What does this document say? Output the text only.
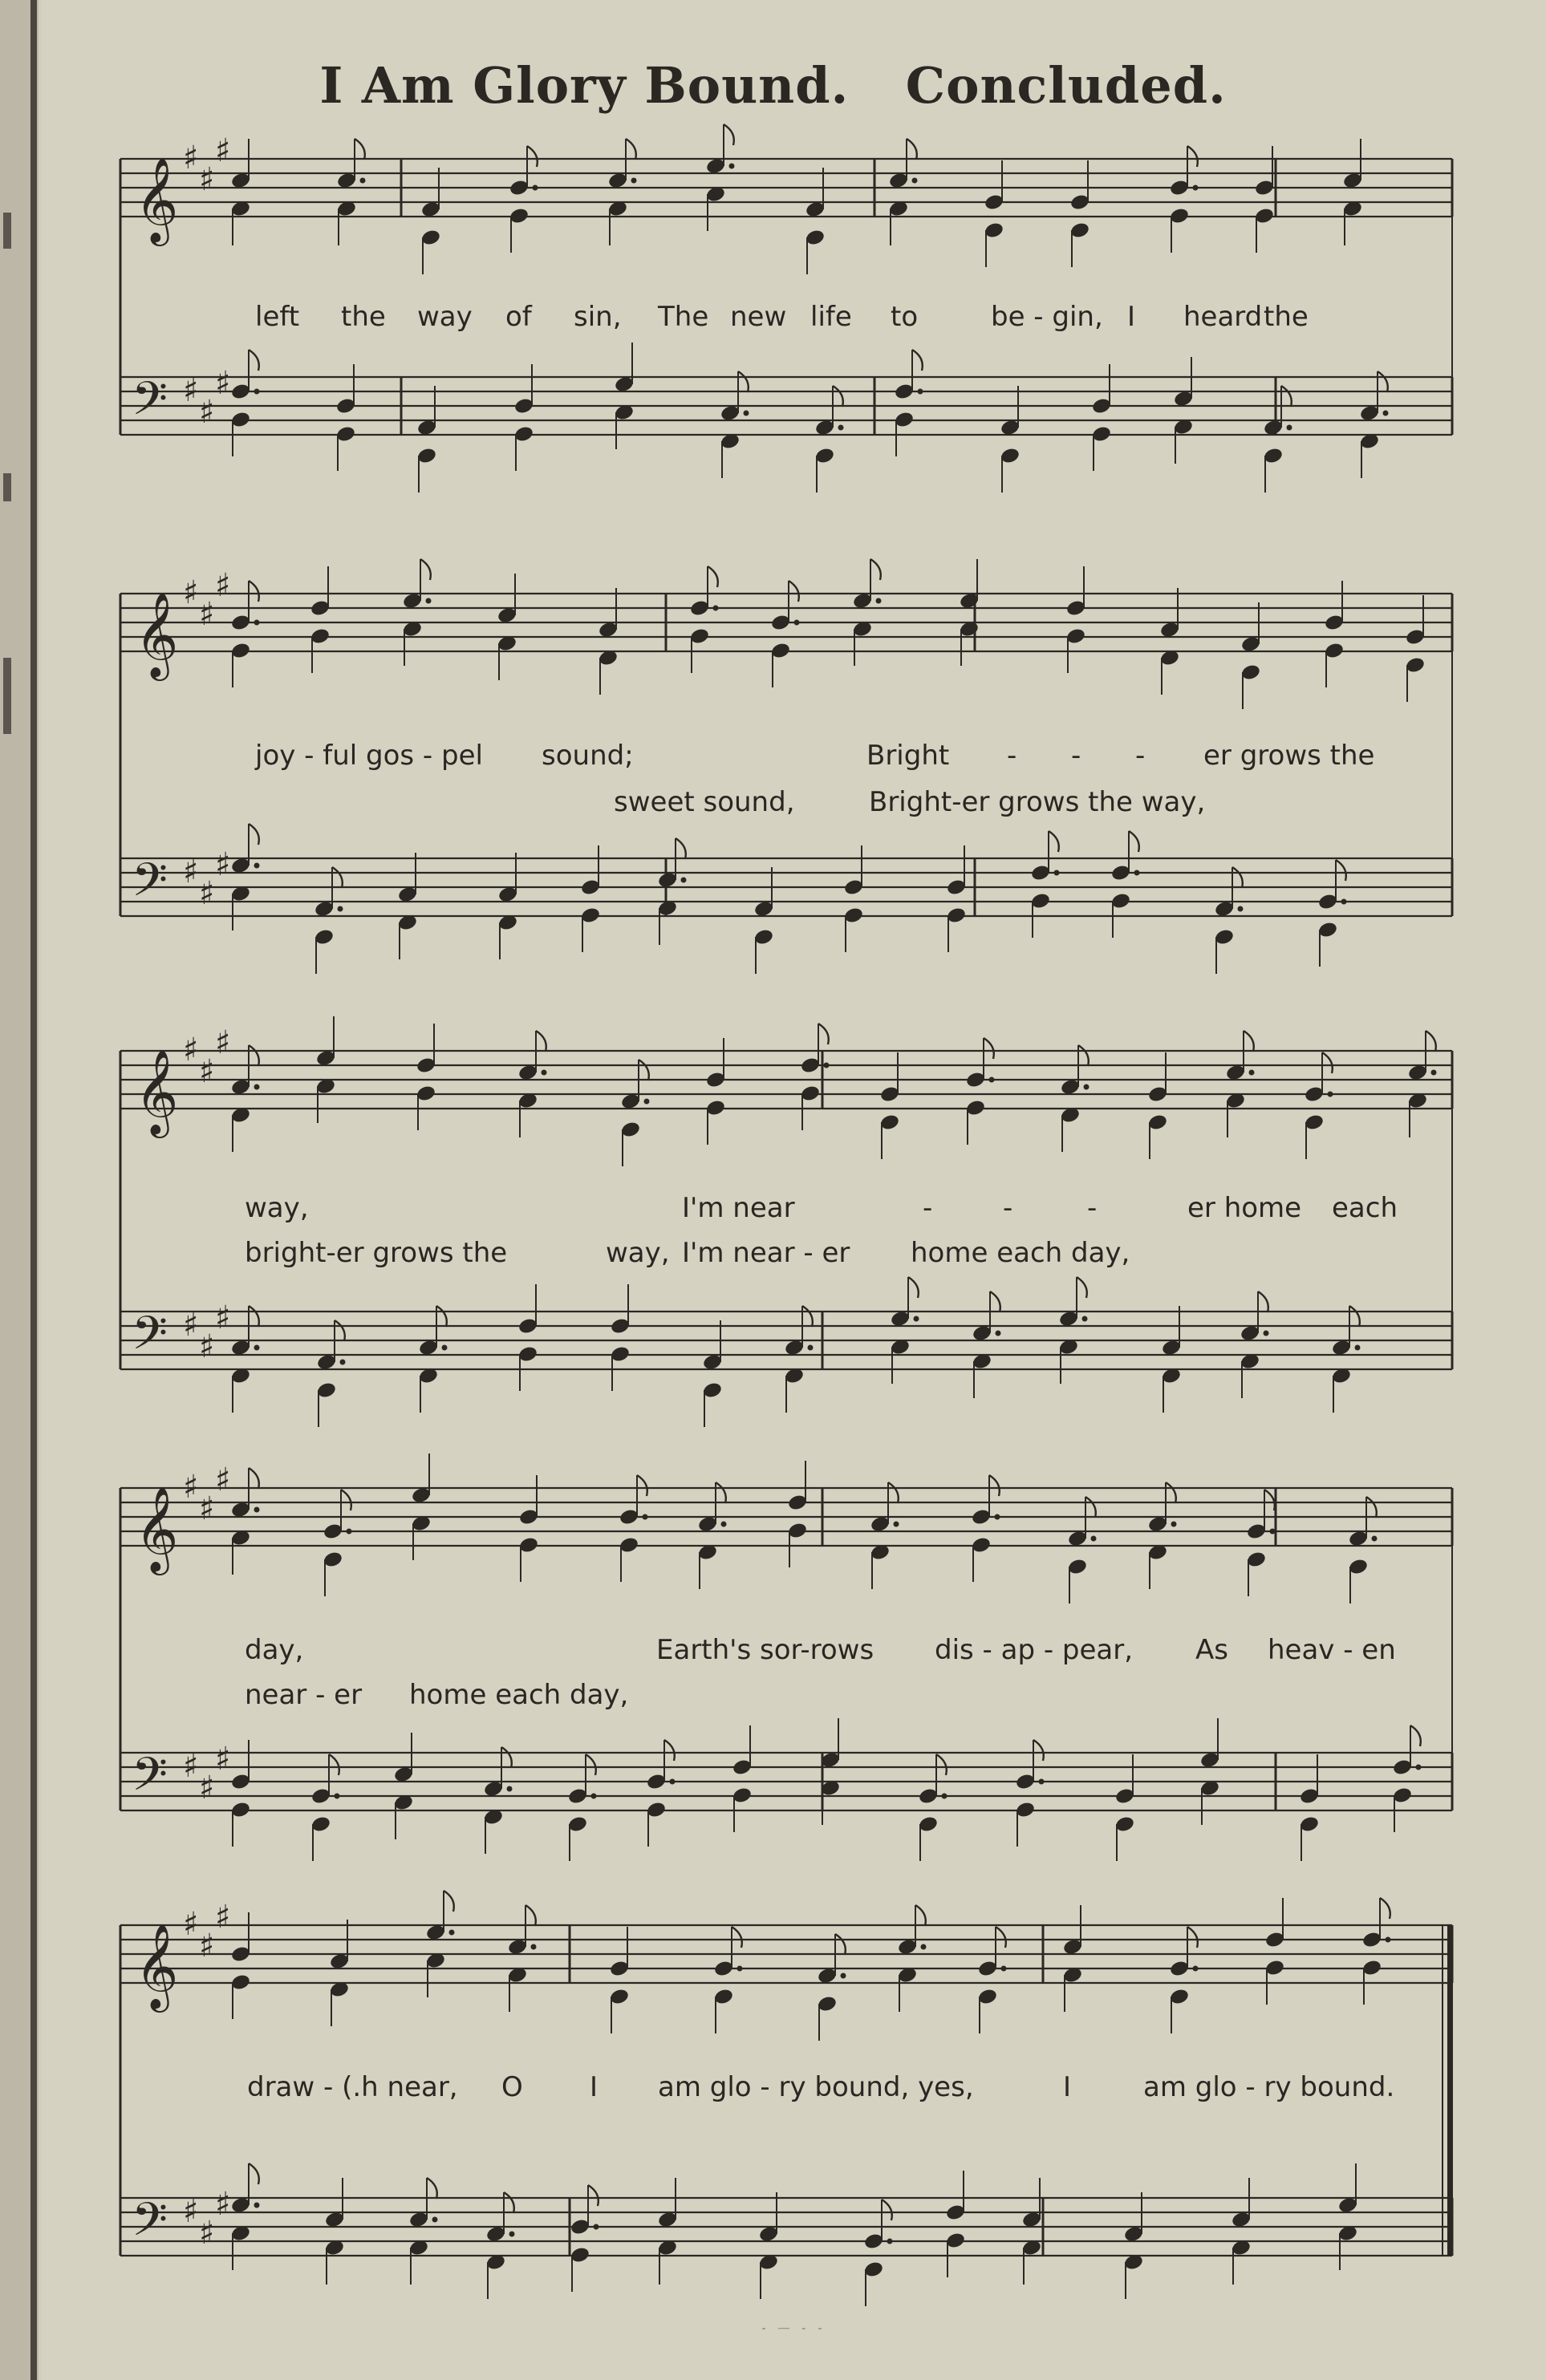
I Am Glory Bound. Concluded.
𝄞 ♯
♯
♯
𝄢 ♯
♯
♯
left the way of sin, The new life to	be - gin, I heard the
𝄞 ♯
♯
♯
𝄢 ♯
♯
♯
joy - ful gos - pel sound;	Bright - - - er grows the
sweet sound,	Bright-er grows the way,
𝄞 ♯
♯
♯
𝄢 ♯
♯
♯
way,	I'm near	-	-	-	er home each
bright-er grows the	way, I'm near - er home each day,
𝄞 ♯
♯
♯
𝄢 ♯
♯
♯
day,	Earth's sor-rows dis - ap - pear, As heav - en
near - er home each day,
𝄞 ♯
♯
♯
𝄢 ♯
♯
♯
draw - (.h near, O I am glo - ry bound, yes,	I	am glo - ry bound.
- — - -
